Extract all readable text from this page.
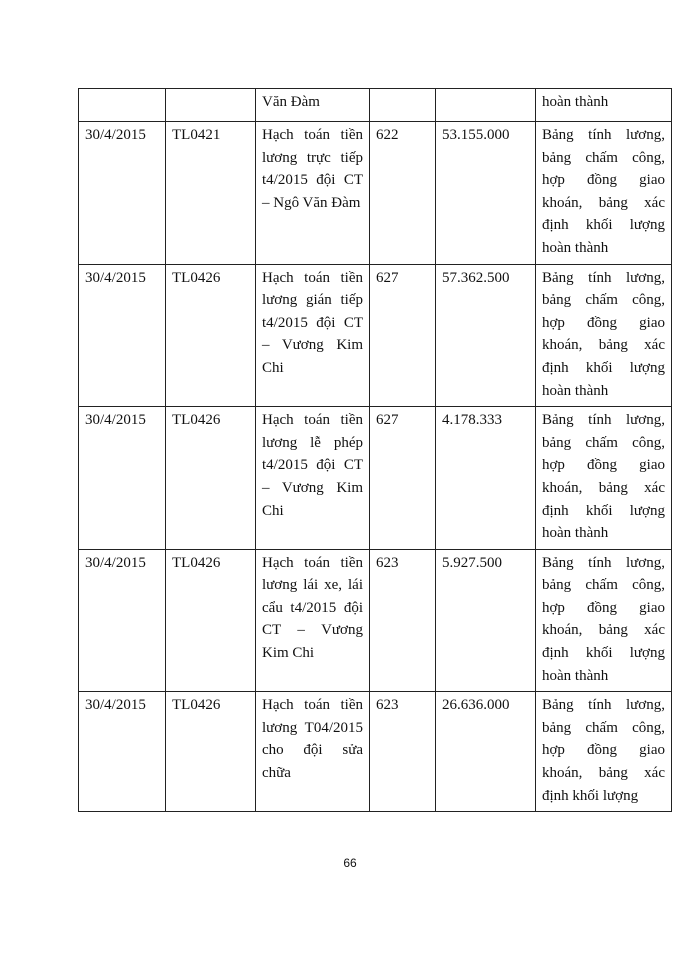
		Văn Đàm			hoàn thành
30/4/2015	TL0421	Hạch toán tiền lương trực tiếp t4/2015 đội CT – Ngô Văn Đàm	622	53.155.000	Bảng tính lương, bảng chấm công, hợp đồng giao khoán, bảng xác định khối lượng hoàn thành
30/4/2015	TL0426	Hạch toán tiền lương gián tiếp t4/2015 đội CT – Vương Kim Chi	627	57.362.500	Bảng tính lương, bảng chấm công, hợp đồng giao khoán, bảng xác định khối lượng hoàn thành
30/4/2015	TL0426	Hạch toán tiền lương lễ phép t4/2015 đội CT – Vương Kim Chi	627	4.178.333	Bảng tính lương, bảng chấm công, hợp đồng giao khoán, bảng xác định khối lượng hoàn thành
30/4/2015	TL0426	Hạch toán tiền lương lái xe, lái cẩu t4/2015 đội CT – Vương Kim Chi	623	5.927.500	Bảng tính lương, bảng chấm công, hợp đồng giao khoán, bảng xác định khối lượng hoàn thành
30/4/2015	TL0426	Hạch toán tiền lương T04/2015 cho đội sửa chữa	623	26.636.000	Bảng tính lương, bảng chấm công, hợp đồng giao khoán, bảng xác định khối lượng
66
